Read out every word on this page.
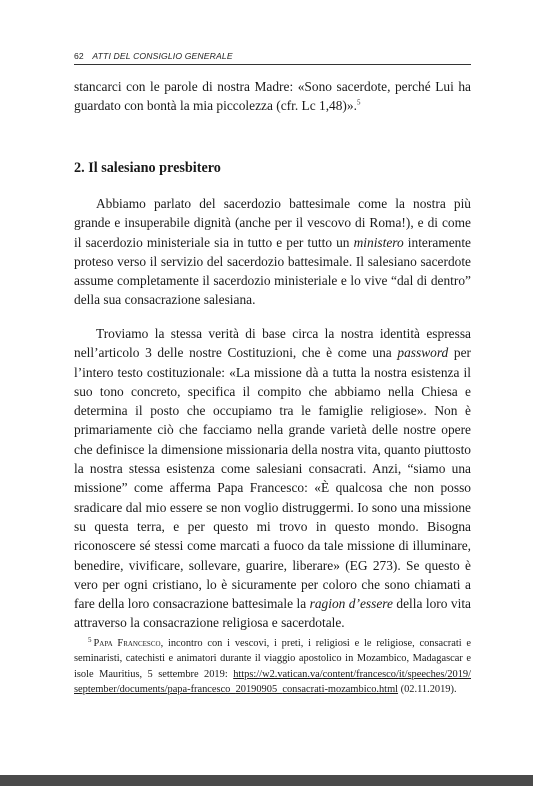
62 ATTI DEL CONSIGLIO GENERALE

stancarci con le parole di nostra Madre: «Sono sacerdote, perché Lui ha guardato con bontà la mia piccolezza (cfr. Lc 1,48)».$^5$

2. Il salesiano presbitero

Abbiamo parlato del sacerdozio battesimale come la nostra più grande e insuperabile dignità (anche per il vescovo di Roma!), e di come il sacerdozio ministeriale sia in tutto e per tutto un ministero interamente proteso verso il servizio del sacerdozio battesimale. Il salesiano sacerdote assume completamente il sacerdozio ministeriale e lo vive “dal di dentro” della sua consacrazione salesiana.

Troviamo la stessa verità di base circa la nostra identità espressa nell’articolo 3 delle nostre Costituzioni, che è come una password per l’intero testo costituzionale: «La missione dà a tutta la nostra esistenza il suo tono concreto, specifica il compito che abbiamo nella Chiesa e determina il posto che occupiamo tra le famiglie religiose». Non è primariamente ciò che facciamo nella grande varietà delle nostre opere che definisce la dimensione missionaria della nostra vita, quanto piuttosto la nostra stessa esistenza come salesiani consacrati. Anzi, “siamo una missione” come afferma Papa Francesco: «È qualcosa che non posso sradicare dal mio essere se non voglio distruggermi. Io sono una missione su questa terra, e per questo mi trovo in questo mondo. Bisogna riconoscere sé stessi come marcati a fuoco da tale missione di illuminare, benedire, vivificare, sollevare, guarire, liberare» (EG 273). Se questo è vero per ogni cristiano, lo è sicuramente per coloro che sono chiamati a fare della loro consacrazione battesimale la ragion d’essere della loro vita attraverso la consacrazione religiosa e sacerdotale.

$^5$ Papa Francesco, incontro con i vescovi, i preti, i religiosi e le religiose, consacrati e seminaristi, catechisti e animatori durante il viaggio apostolico in Mozambico, Madagascar e isole Mauritius, 5 settembre 2019: https://w2.vatican.va/content/francesco/it/speeches/2019/september/documents/papa-francesco_20190905_consacrati-mozambico.html (02.11.2019).
